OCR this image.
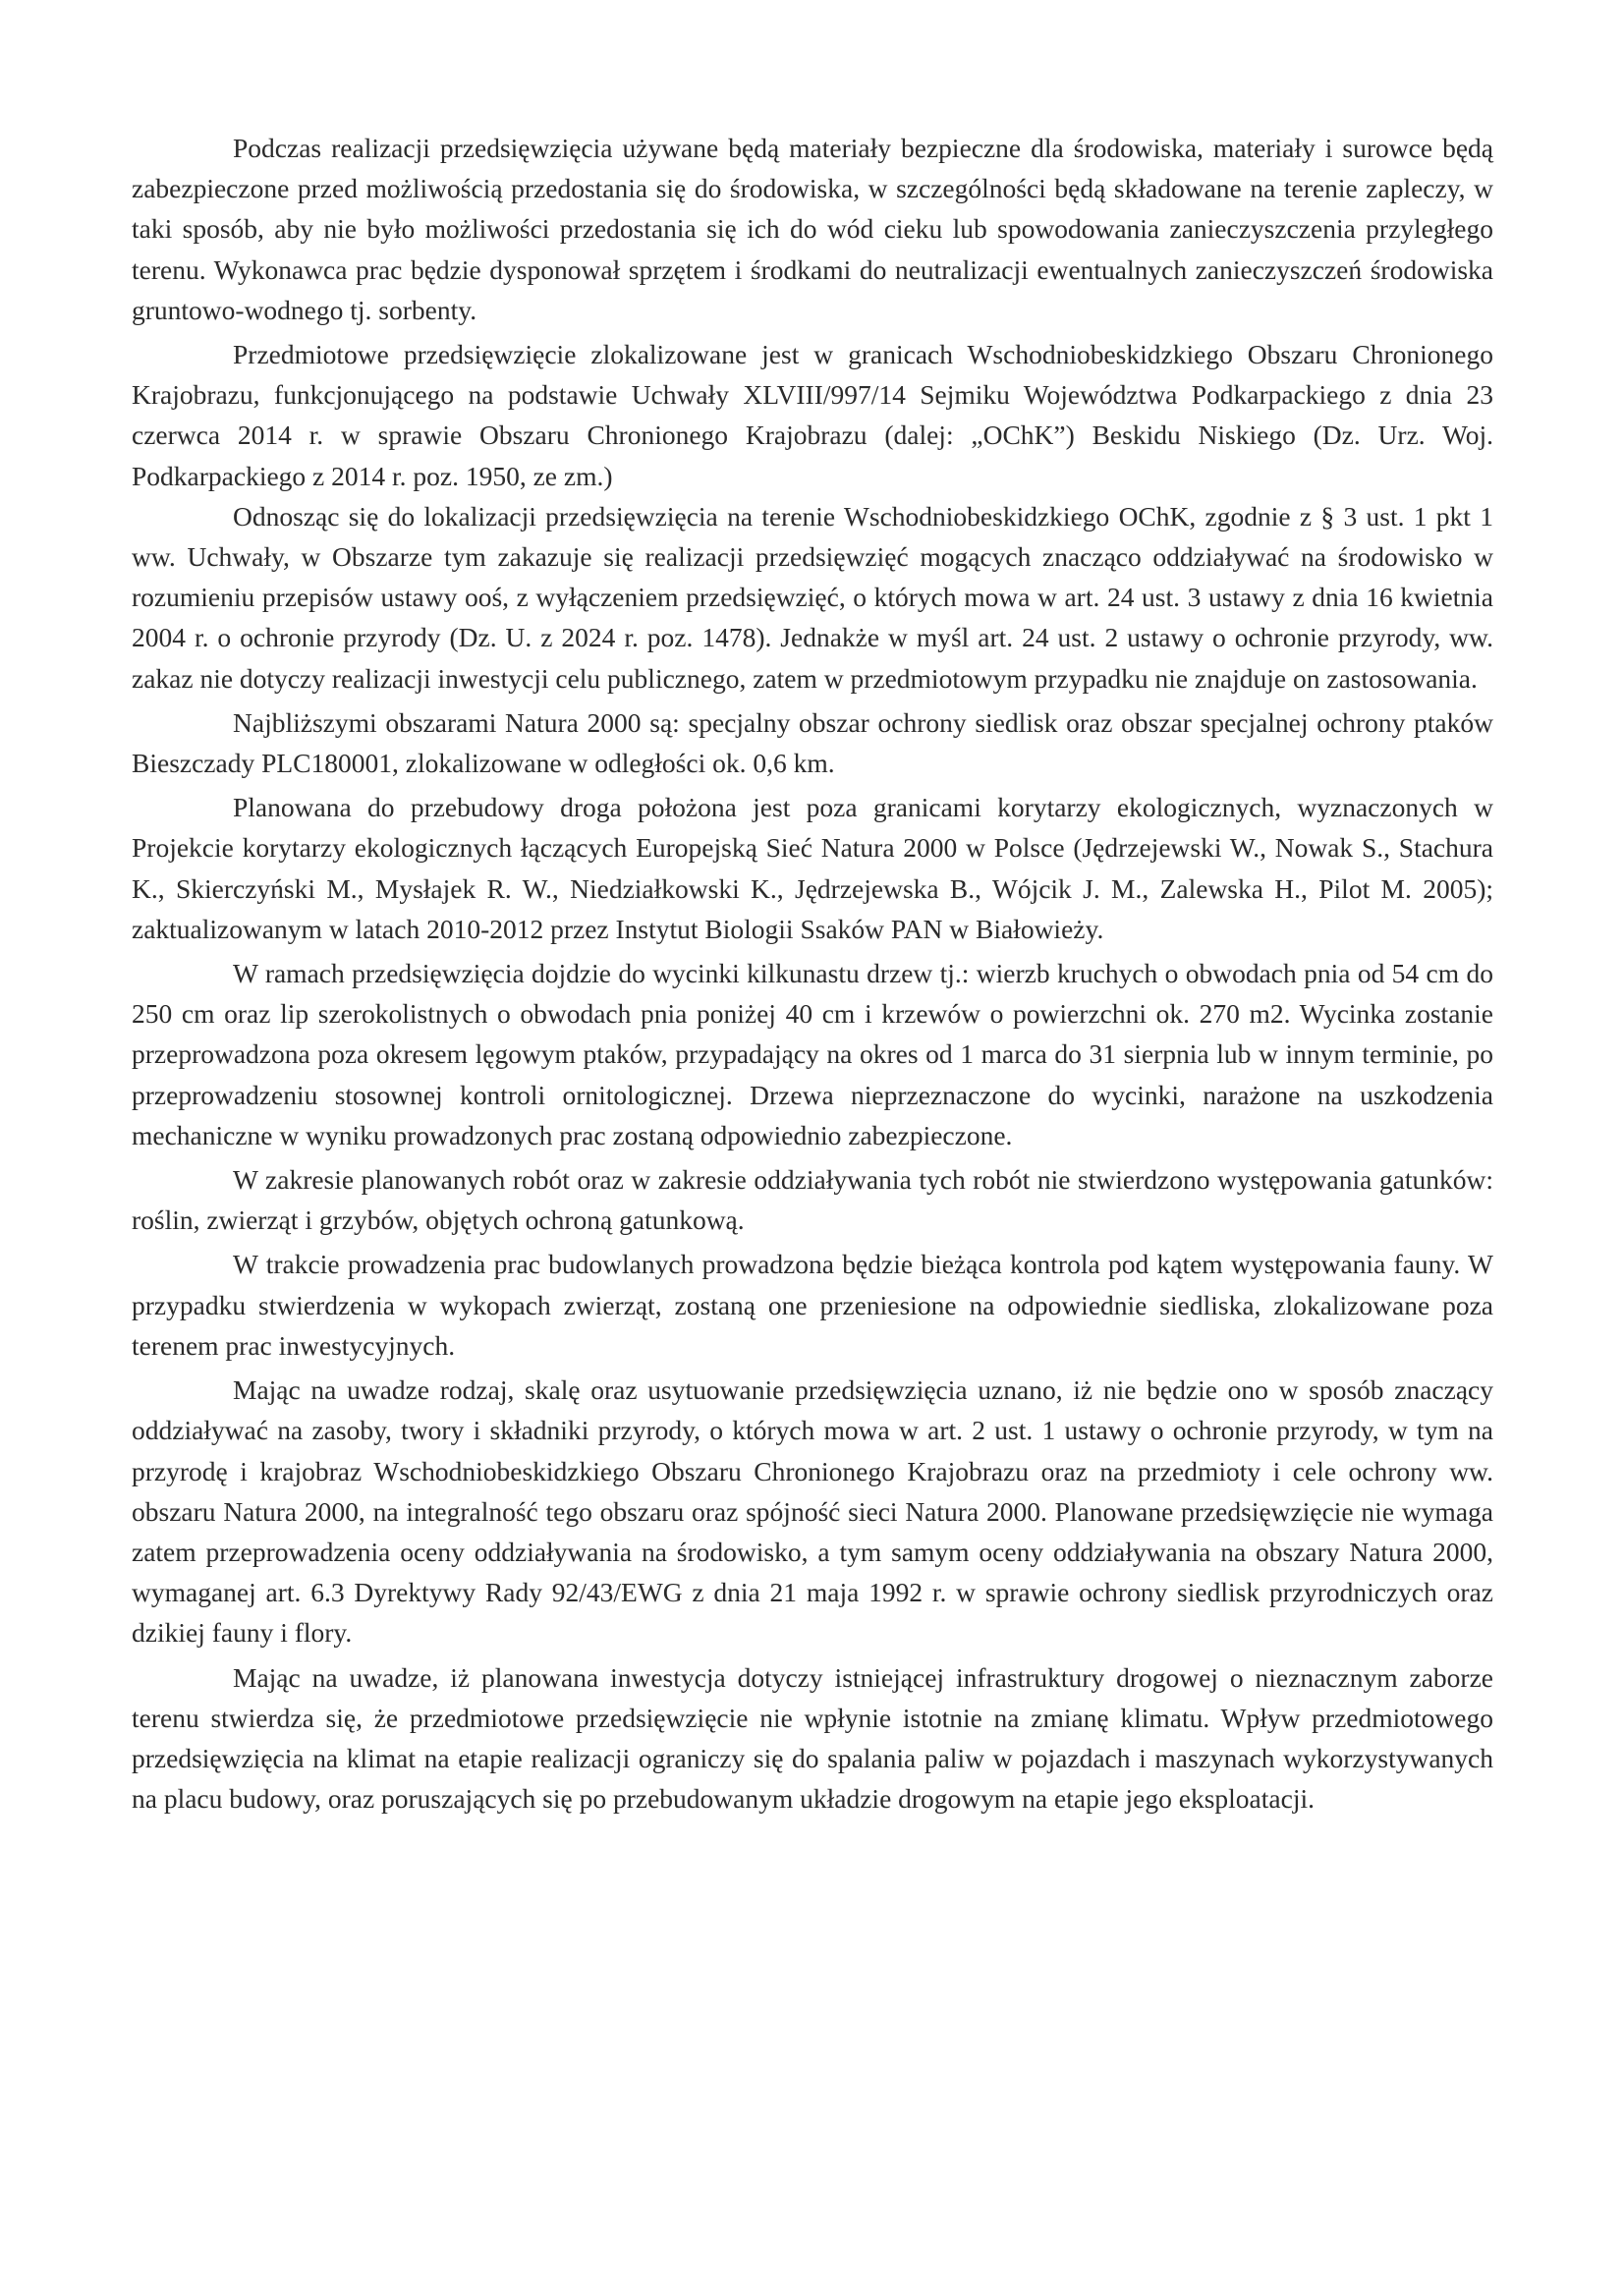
Podczas realizacji przedsięwzięcia używane będą materiały bezpieczne dla środowiska, materiały i surowce będą zabezpieczone przed możliwością przedostania się do środowiska, w szczególności będą składowane na terenie zapleczy, w taki sposób, aby nie było możliwości przedostania się ich do wód cieku lub spowodowania zanieczyszczenia przyległego terenu. Wykonawca prac będzie dysponował sprzętem i środkami do neutralizacji ewentualnych zanieczyszczeń środowiska gruntowo-wodnego tj. sorbenty.

Przedmiotowe przedsięwzięcie zlokalizowane jest w granicach Wschodniobeskidzkiego Obszaru Chronionego Krajobrazu, funkcjonującego na podstawie Uchwały XLVIII/997/14 Sejmiku Województwa Podkarpackiego z dnia 23 czerwca 2014 r. w sprawie Obszaru Chronionego Krajobrazu (dalej: „OChK”) Beskidu Niskiego (Dz. Urz. Woj. Podkarpackiego z 2014 r. poz. 1950, ze zm.)

Odnosząc się do lokalizacji przedsięwzięcia na terenie Wschodniobeskidzkiego OChK, zgodnie z § 3 ust. 1 pkt 1 ww. Uchwały, w Obszarze tym zakazuje się realizacji przedsięwzięć mogących znacząco oddziaływać na środowisko w rozumieniu przepisów ustawy ooś, z wyłączeniem przedsięwzięć, o których mowa w art. 24 ust. 3 ustawy z dnia 16 kwietnia 2004 r. o ochronie przyrody (Dz. U. z 2024 r. poz. 1478). Jednakże w myśl art. 24 ust. 2 ustawy o ochronie przyrody, ww. zakaz nie dotyczy realizacji inwestycji celu publicznego, zatem w przedmiotowym przypadku nie znajduje on zastosowania.

Najbliższymi obszarami Natura 2000 są: specjalny obszar ochrony siedlisk oraz obszar specjalnej ochrony ptaków Bieszczady PLC180001, zlokalizowane w odległości ok. 0,6 km.

Planowana do przebudowy droga położona jest poza granicami korytarzy ekologicznych, wyznaczonych w Projekcie korytarzy ekologicznych łączących Europejską Sieć Natura 2000 w Polsce (Jędrzejewski W., Nowak S., Stachura K., Skierczyński M., Mysłajek R. W., Niedziałkowski K., Jędrzejewska B., Wójcik J. M., Zalewska H., Pilot M. 2005); zaktualizowanym w latach 2010-2012 przez Instytut Biologii Ssaków PAN w Białowieży.

W ramach przedsięwzięcia dojdzie do wycinki kilkunastu drzew tj.: wierzb kruchych o obwodach pnia od 54 cm do 250 cm oraz lip szerokolistnych o obwodach pnia poniżej 40 cm i krzewów o powierzchni ok. 270 m2. Wycinka zostanie przeprowadzona poza okresem lęgowym ptaków, przypadający na okres od 1 marca do 31 sierpnia lub w innym terminie, po przeprowadzeniu stosownej kontroli ornitologicznej. Drzewa nieprzeznaczone do wycinki, narażone na uszkodzenia mechaniczne w wyniku prowadzonych prac zostaną odpowiednio zabezpieczone.

W zakresie planowanych robót oraz w zakresie oddziaływania tych robót nie stwierdzono występowania gatunków: roślin, zwierząt i grzybów, objętych ochroną gatunkową.

W trakcie prowadzenia prac budowlanych prowadzona będzie bieżąca kontrola pod kątem występowania fauny. W przypadku stwierdzenia w wykopach zwierząt, zostaną one przeniesione na odpowiednie siedliska, zlokalizowane poza terenem prac inwestycyjnych.

Mając na uwadze rodzaj, skalę oraz usytuowanie przedsięwzięcia uznano, iż nie będzie ono w sposób znaczący oddziaływać na zasoby, twory i składniki przyrody, o których mowa w art. 2 ust. 1 ustawy o ochronie przyrody, w tym na przyrodę i krajobraz Wschodniobeskidzkiego Obszaru Chronionego Krajobrazu oraz na przedmioty i cele ochrony ww. obszaru Natura 2000, na integralność tego obszaru oraz spójność sieci Natura 2000. Planowane przedsięwzięcie nie wymaga zatem przeprowadzenia oceny oddziaływania na środowisko, a tym samym oceny oddziaływania na obszary Natura 2000, wymaganej art. 6.3 Dyrektywy Rady 92/43/EWG z dnia 21 maja 1992 r. w sprawie ochrony siedlisk przyrodniczych oraz dzikiej fauny i flory.

Mając na uwadze, iż planowana inwestycja dotyczy istniejącej infrastruktury drogowej o nieznacznym zaborze terenu stwierdza się, że przedmiotowe przedsięwzięcie nie wpłynie istotnie na zmianę klimatu. Wpływ przedmiotowego przedsięwzięcia na klimat na etapie realizacji ograniczy się do spalania paliw w pojazdach i maszynach wykorzystywanych na placu budowy, oraz poruszających się po przebudowanym układzie drogowym na etapie jego eksploatacji.
